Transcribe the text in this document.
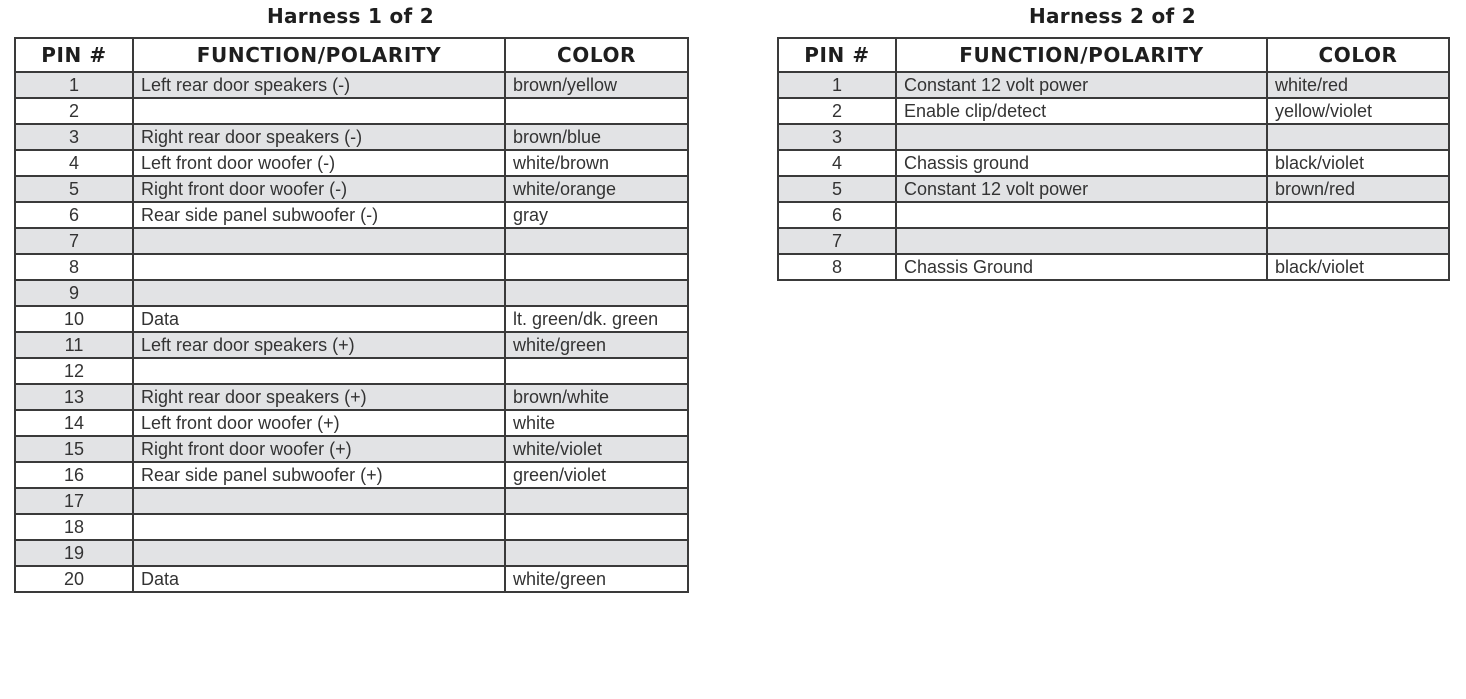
Harness 1 of 2
PIN #	FUNCTION/POLARITY	COLOR
1	Left rear door speakers (-)	brown/yellow
2		
3	Right rear door speakers (-)	brown/blue
4	Left front door woofer (-)	white/brown
5	Right front door woofer (-)	white/orange
6	Rear side panel subwoofer (-)	gray
7		
8		
9		
10	Data	lt. green/dk. green
11	Left rear door speakers (+)	white/green
12		
13	Right rear door speakers (+)	brown/white
14	Left front door woofer (+)	white
15	Right front door woofer (+)	white/violet
16	Rear side panel subwoofer (+)	green/violet
17		
18		
19		
20	Data	white/green
Harness 2 of 2
PIN #	FUNCTION/POLARITY	COLOR
1	Constant 12 volt power	white/red
2	Enable clip/detect	yellow/violet
3		
4	Chassis ground	black/violet
5	Constant 12 volt power	brown/red
6		
7		
8	Chassis Ground	black/violet
